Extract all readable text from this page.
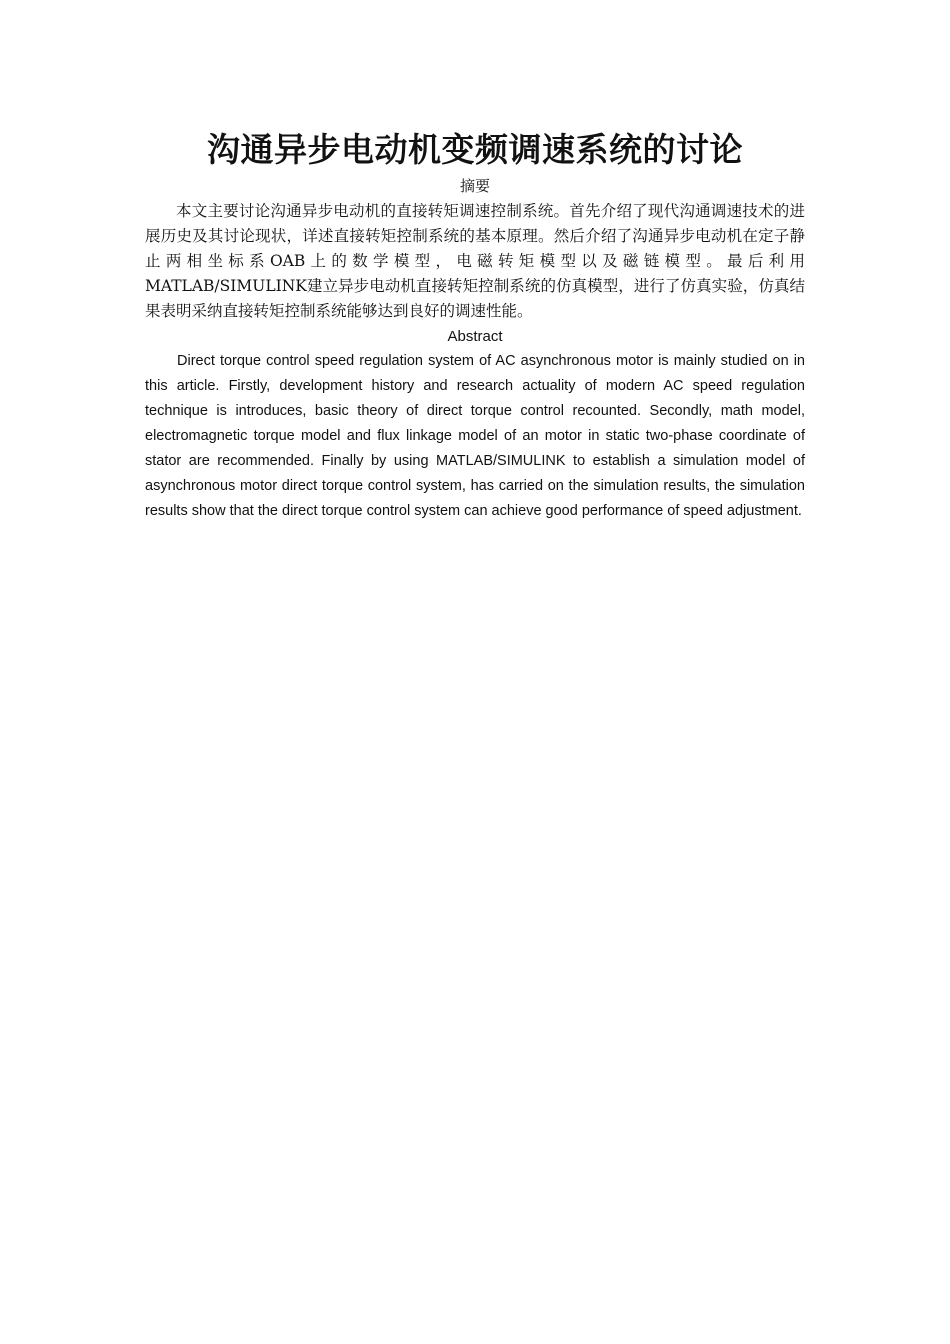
沟通异步电动机变频调速系统的讨论
摘要

本文主要讨论沟通异步电动机的直接转矩调速控制系统。首先介绍了现代沟通调速技术的进展历史及其讨论现状，详述直接转矩控制系统的基本原理。然后介绍了沟通异步电动机在定子静止两相坐标系OAB上的数学模型，电磁转矩模型以及磁链模型。最后利用MATLAB/SIMULINK建立异步电动机直接转矩控制系统的仿真模型，进行了仿真实验，仿真结果表明采纳直接转矩控制系统能够达到良好的调速性能。

Abstract

Direct torque control speed regulation system of AC asynchronous motor is mainly studied on in this article. Firstly, development history and research actuality of modern AC speed regulation technique is introduces, basic theory of direct torque control recounted. Secondly, math model, electromagnetic torque model and flux linkage model of an motor in static two-phase coordinate of stator are recommended. Finally by using MATLAB/SIMULINK to establish a simulation model of asynchronous motor direct torque control system, has carried on the simulation results, the simulation results show that the direct torque control system can achieve good performance of speed adjustment.
